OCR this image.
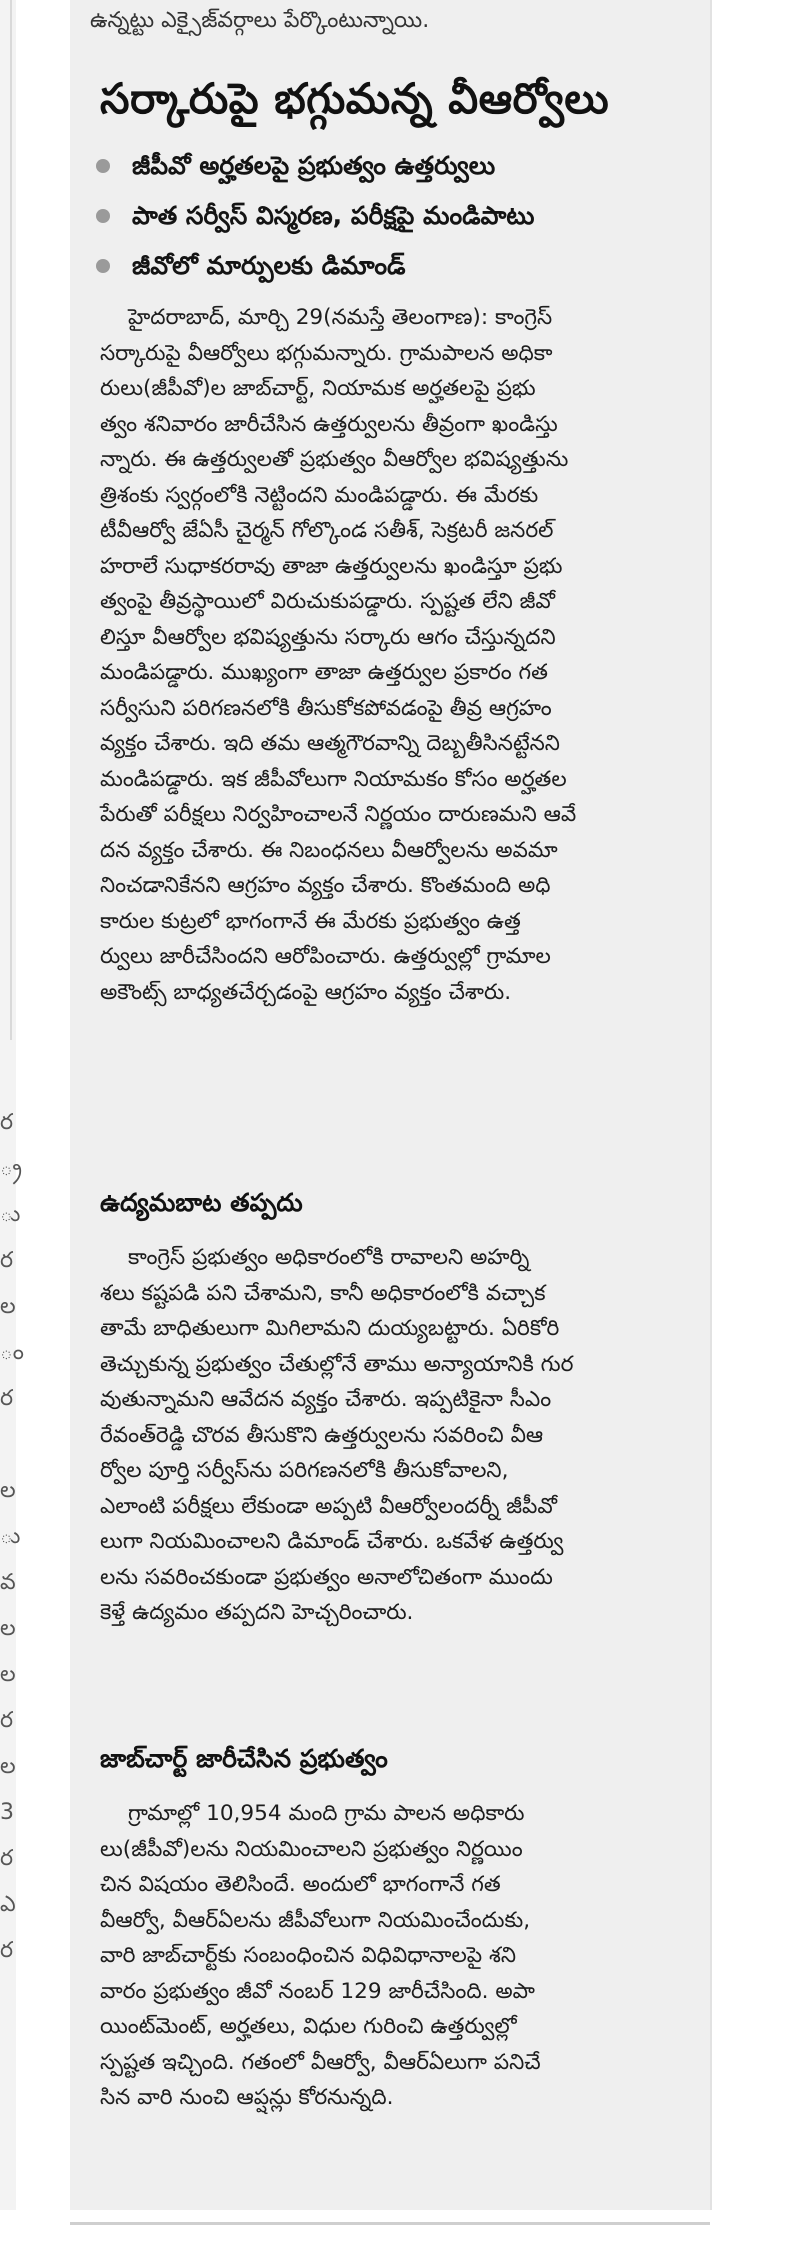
ర
్ర
ు
ర
ల
ం
ర
ల
ు
వ
ల
ల
ర
ల
3
ర
ఎ
ర
ఉన్నట్టు ఎక్సైజ్‌వర్గాలు పేర్కొంటున్నాయి.
సర్కారుపై భగ్గుమన్న వీఆర్వోలు
జీపీవో అర్హతలపై ప్రభుత్వం ఉత్తర్వులు
పాత సర్వీస్‌ విస్మరణ, పరీక్షపై మండిపాటు
జీవోలో మార్పులకు డిమాండ్‌
హైదరాబాద్‌, మార్చి 29(నమస్తే తెలంగాణ): కాంగ్రెస్‌
సర్కారుపై వీఆర్వోలు భగ్గుమన్నారు. గ్రామపాలన అధికా
రులు(జీపీవో)ల జాబ్‌చార్ట్‌, నియామక అర్హతలపై ప్రభు
త్వం శనివారం జారీచేసిన ఉత్తర్వులను తీవ్రంగా ఖండిస్తు
న్నారు. ఈ ఉత్తర్వులతో ప్రభుత్వం వీఆర్వోల భవిష్యత్తును
త్రిశంకు స్వర్గంలోకి నెట్టిందని మండిపడ్డారు. ఈ మేరకు
టీవీఆర్వో జేఏసీ చైర్మన్‌ గోల్కొండ సతీశ్‌, సెక్రటరీ జనరల్‌
హరాలే సుధాకరరావు తాజా ఉత్తర్వులను ఖండిస్తూ ప్రభు
త్వంపై తీవ్రస్థాయిలో విరుచుకుపడ్డారు. స్పష్టత లేని జీవో
లిస్తూ వీఆర్వోల భవిష్యత్తును సర్కారు ఆగం చేస్తున్నదని
మండిపడ్డారు. ముఖ్యంగా తాజా ఉత్తర్వుల ప్రకారం గత
సర్వీసుని పరిగణనలోకి తీసుకోకపోవడంపై తీవ్ర ఆగ్రహం
వ్యక్తం చేశారు. ఇది తమ ఆత్మగౌరవాన్ని దెబ్బతీసినట్టేనని
మండిపడ్డారు. ఇక జీపీవోలుగా నియామకం కోసం అర్హతల
పేరుతో పరీక్షలు నిర్వహించాలనే నిర్ణయం దారుణమని ఆవే
దన వ్యక్తం చేశారు. ఈ నిబంధనలు వీఆర్వోలను అవమా
నించడానికేనని ఆగ్రహం వ్యక్తం చేశారు. కొంతమంది అధి
కారుల కుట్రలో భాగంగానే ఈ మేరకు ప్రభుత్వం ఉత్త
ర్వులు జారీచేసిందని ఆరోపించారు. ఉత్తర్వుల్లో గ్రామాల
అకౌంట్స్‌ బాధ్యతచేర్చడంపై ఆగ్రహం వ్యక్తం చేశారు.
ఉద్యమబాట తప్పదు
కాంగ్రెస్‌ ప్రభుత్వం అధికారంలోకి రావాలని అహర్ని
శలు కష్టపడి పని చేశామని, కానీ అధికారంలోకి వచ్చాక
తామే బాధితులుగా మిగిలామని దుయ్యబట్టారు. ఏరికోరి
తెచ్చుకున్న ప్రభుత్వం చేతుల్లోనే తాము అన్యాయానికి గుర
వుతున్నామని ఆవేదన వ్యక్తం చేశారు. ఇప్పటికైనా సీఎం
రేవంత్‌రెడ్డి చొరవ తీసుకొని ఉత్తర్వులను సవరించి వీఆ
ర్వోల పూర్తి సర్వీస్‌ను పరిగణనలోకి తీసుకోవాలని,
ఎలాంటి పరీక్షలు లేకుండా అప్పటి వీఆర్వోలందర్నీ జీపీవో
లుగా నియమించాలని డిమాండ్‌ చేశారు. ఒకవేళ ఉత్తర్వు
లను సవరించకుండా ప్రభుత్వం అనాలోచితంగా ముందు
కెళ్తే ఉద్యమం తప్పదని హెచ్చరించారు.
జాబ్‌చార్ట్‌ జారీచేసిన ప్రభుత్వం
గ్రామాల్లో 10,954 మంది గ్రామ పాలన అధికారు
లు(జీపీవో)లను నియమించాలని ప్రభుత్వం నిర్ణయిం
చిన విషయం తెలిసిందే. అందులో భాగంగానే గత
వీఆర్వో, వీఆర్‌ఏలను జీపీవోలుగా నియమించేందుకు,
వారి జాబ్‌చార్ట్‌కు సంబంధించిన విధివిధానాలపై శని
వారం ప్రభుత్వం జీవో నంబర్‌ 129 జారీచేసింది. అపా
యింట్‌మెంట్‌, అర్హతలు, విధుల గురించి ఉత్తర్వుల్లో
స్పష్టత ఇచ్చింది. గతంలో వీఆర్వో, వీఆర్‌ఏలుగా పనిచే
సిన వారి నుంచి ఆప్షన్లు కోరనున్నది.
